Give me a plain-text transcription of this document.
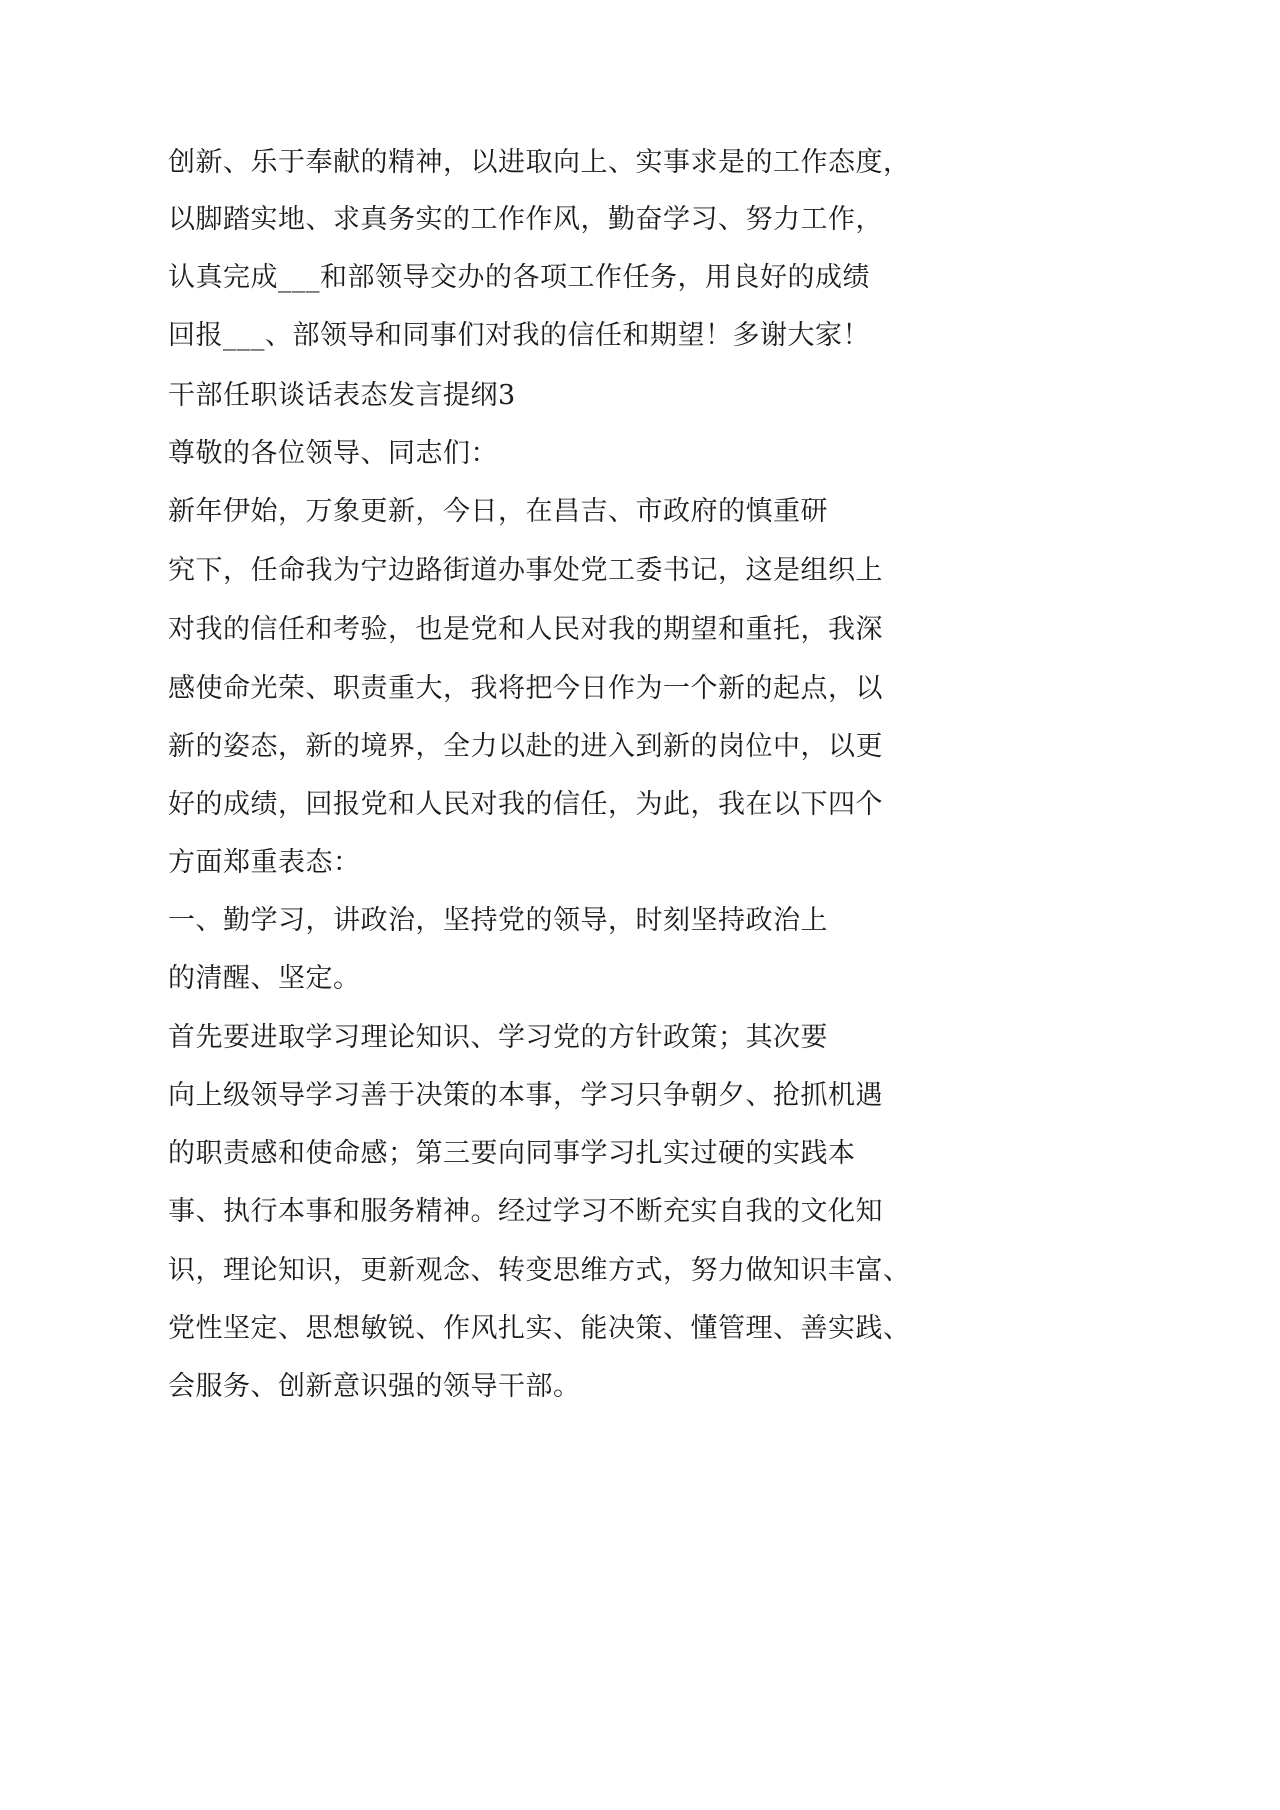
创新、乐于奉献的精神，以进取向上、实事求是的工作态度，
以脚踏实地、求真务实的工作作风，勤奋学习、努力工作，
认真完成___和部领导交办的各项工作任务，用良好的成绩
回报___、部领导和同事们对我的信任和期望！多谢大家！
干部任职谈话表态发言提纲3
尊敬的各位领导、同志们：
新年伊始，万象更新，今日，在昌吉、市政府的慎重研
究下，任命我为宁边路街道办事处党工委书记，这是组织上
对我的信任和考验，也是党和人民对我的期望和重托，我深
感使命光荣、职责重大，我将把今日作为一个新的起点，以
新的姿态，新的境界，全力以赴的进入到新的岗位中，以更
好的成绩，回报党和人民对我的信任，为此，我在以下四个
方面郑重表态：
一、勤学习，讲政治，坚持党的领导，时刻坚持政治上
的清醒、坚定。
首先要进取学习理论知识、学习党的方针政策；其次要
向上级领导学习善于决策的本事，学习只争朝夕、抢抓机遇
的职责感和使命感；第三要向同事学习扎实过硬的实践本
事、执行本事和服务精神。经过学习不断充实自我的文化知
识，理论知识，更新观念、转变思维方式，努力做知识丰富、
党性坚定、思想敏锐、作风扎实、能决策、懂管理、善实践、
会服务、创新意识强的领导干部。
